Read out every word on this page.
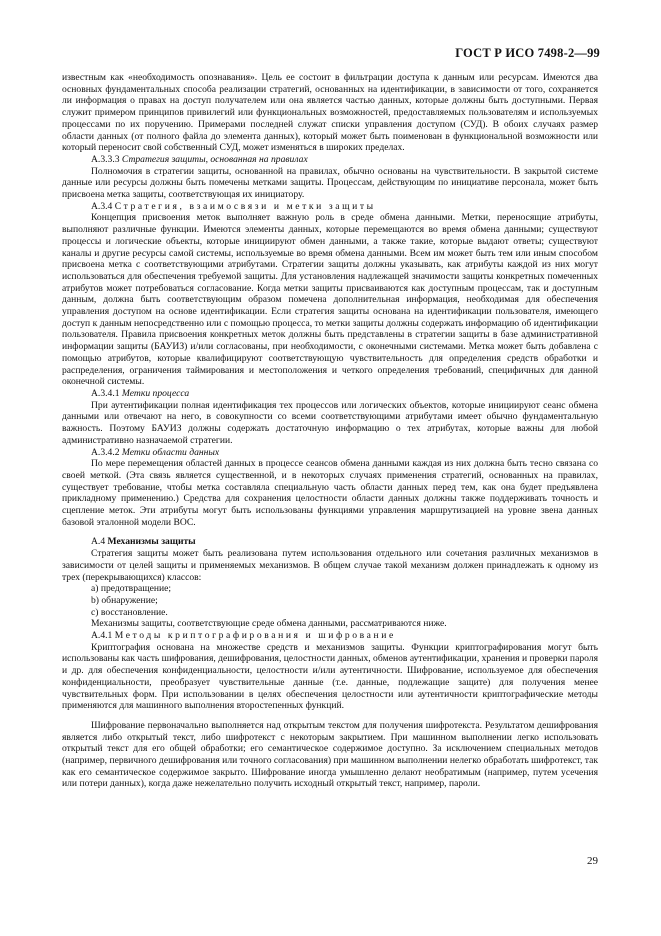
ГОСТ Р ИСО 7498-2—99

известным как «необходимость опознавания». Цель ее состоит в фильтрации доступа к данным или ресурсам. Имеются два основных фундаментальных способа реализации стратегий, основанных на идентификации, в зависимости от того, сохраняется ли информация о правах на доступ получателем или она является частью данных, которые должны быть доступными. Первая служит примером принципов привилегий или функциональных возможностей, предоставляемых пользователям и используемых процессами по их поручению. Примерами последней служат списки управления доступом (СУД). В обоих случаях размер области данных (от полного файла до элемента данных), который может быть поименован в функциональной возможности или который переносит свой собственный СУД, может изменяться в широких пределах.

А.3.3.3 Стратегия защиты, основанная на правилах

Полномочия в стратегии защиты, основанной на правилах, обычно основаны на чувствительности. В закрытой системе данные или ресурсы должны быть помечены метками защиты. Процессам, действующим по инициативе персонала, может быть присвоена метка защиты, соответствующая их инициатору.

А.3.4 Стратегия, взаимосвязи и метки защиты

Концепция присвоения меток выполняет важную роль в среде обмена данными. Метки, переносящие атрибуты, выполняют различные функции. Имеются элементы данных, которые перемещаются во время обмена данными; существуют процессы и логические объекты, которые инициируют обмен данными, а также такие, которые выдают ответы; существуют каналы и другие ресурсы самой системы, используемые во время обмена данными. Всем им может быть тем или иным способом присвоена метка с соответствующими атрибутами. Стратегии защиты должны указывать, как атрибуты каждой из них могут использоваться для обеспечения требуемой защиты. Для установления надлежащей значимости защиты конкретных помеченных атрибутов может потребоваться согласование. Когда метки защиты присваиваются как доступным процессам, так и доступным данным, должна быть соответствующим образом помечена дополнительная информация, необходимая для обеспечения управления доступом на основе идентификации. Если стратегия защиты основана на идентификации пользователя, имеющего доступ к данным непосредственно или с помощью процесса, то метки защиты должны содержать информацию об идентификации пользователя. Правила присвоения конкретных меток должны быть представлены в стратегии защиты в базе административной информации защиты (БАУИЗ) и/или согласованы, при необходимости, с оконечными системами. Метка может быть добавлена с помощью атрибутов, которые квалифицируют соответствующую чувствительность для определения средств обработки и распределения, ограничения таймирования и местоположения и четкого определения требований, специфичных для данной оконечной системы.

А.3.4.1 Метки процесса

При аутентификации полная идентификация тех процессов или логических объектов, которые инициируют сеанс обмена данными или отвечают на него, в совокупности со всеми соответствующими атрибутами имеет обычно фундаментальную важность. Поэтому БАУИЗ должны содержать достаточную информацию о тех атрибутах, которые важны для любой административно назначаемой стратегии.

А.3.4.2 Метки области данных

По мере перемещения областей данных в процессе сеансов обмена данными каждая из них должна быть тесно связана со своей меткой. (Эта связь является существенной, и в некоторых случаях применения стратегий, основанных на правилах, существует требование, чтобы метка составляла специальную часть области данных перед тем, как она будет предъявлена прикладному применению.) Средства для сохранения целостности области данных должны также поддерживать точность и сцепление меток. Эти атрибуты могут быть использованы функциями управления маршрутизацией на уровне звена данных базовой эталонной модели ВОС.

А.4 Механизмы защиты

Стратегия защиты может быть реализована путем использования отдельного или сочетания различных механизмов в зависимости от целей защиты и применяемых механизмов. В общем случае такой механизм должен принадлежать к одному из трех (перекрывающихся) классов:

а) предотвращение;

b) обнаружение;

с) восстановление.

Механизмы защиты, соответствующие среде обмена данными, рассматриваются ниже.

А.4.1 Методы криптографирования и шифрование

Криптография основана на множестве средств и механизмов защиты. Функции криптографирования могут быть использованы как часть шифрования, дешифрования, целостности данных, обменов аутентификации, хранения и проверки пароля и др. для обеспечения конфиденциальности, целостности и/или аутентичности. Шифрование, используемое для обеспечения конфиденциальности, преобразует чувствительные данные (т.е. данные, подлежащие защите) для получения менее чувствительных форм. При использовании в целях обеспечения целостности или аутентичности криптографические методы применяются для машинного выполнения второстепенных функций.

Шифрование первоначально выполняется над открытым текстом для получения шифротекста. Результатом дешифрования является либо открытый текст, либо шифротекст с некоторым закрытием. При машинном выполнении легко использовать открытый текст для его общей обработки; его семантическое содержимое доступно. За исключением специальных методов (например, первичного дешифрования или точного согласования) при машинном выполнении нелегко обработать шифротекст, так как его семантическое содержимое закрыто. Шифрование иногда умышленно делают необратимым (например, путем усечения или потери данных), когда даже нежелательно получить исходный открытый текст, например, пароли.

29
